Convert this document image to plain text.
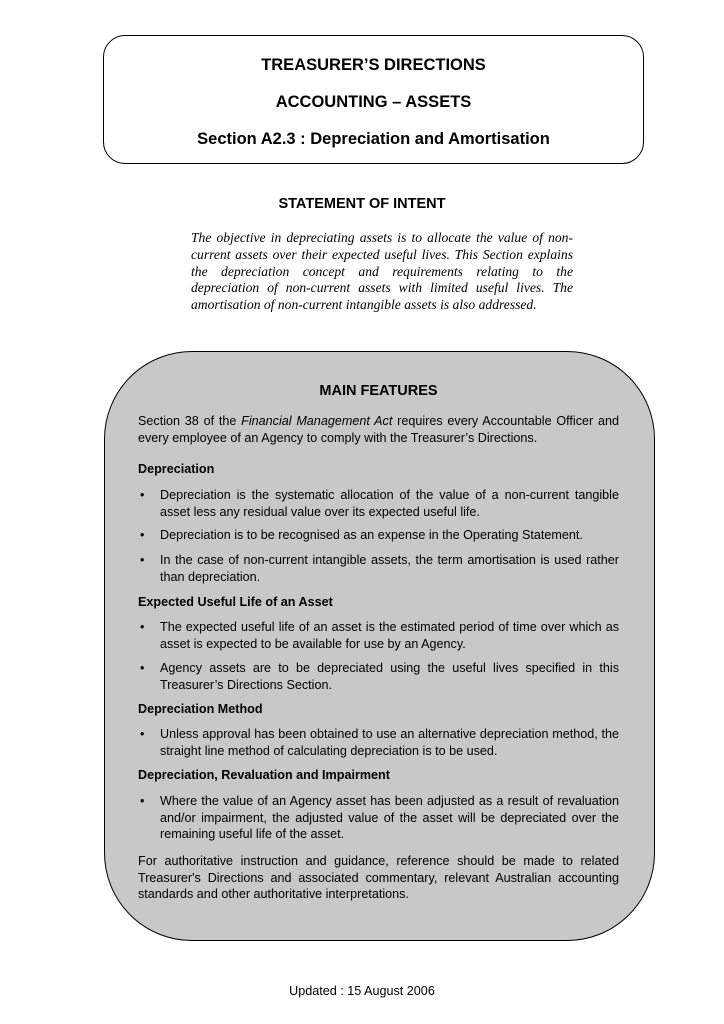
TREASURER’S DIRECTIONS
ACCOUNTING – ASSETS
Section A2.3 : Depreciation and Amortisation
STATEMENT OF INTENT
The objective in depreciating assets is to allocate the value of non-current assets over their expected useful lives. This Section explains the depreciation concept and requirements relating to the depreciation of non-current assets with limited useful lives. The amortisation of non-current intangible assets is also addressed.
MAIN FEATURES
Section 38 of the Financial Management Act requires every Accountable Officer and every employee of an Agency to comply with the Treasurer’s Directions.
Depreciation
• Depreciation is the systematic allocation of the value of a non-current tangible asset less any residual value over its expected useful life.
• Depreciation is to be recognised as an expense in the Operating Statement.
• In the case of non-current intangible assets, the term amortisation is used rather than depreciation.
Expected Useful Life of an Asset
• The expected useful life of an asset is the estimated period of time over which as asset is expected to be available for use by an Agency.
• Agency assets are to be depreciated using the useful lives specified in this Treasurer’s Directions Section.
Depreciation Method
• Unless approval has been obtained to use an alternative depreciation method, the straight line method of calculating depreciation is to be used.
Depreciation, Revaluation and Impairment
• Where the value of an Agency asset has been adjusted as a result of revaluation and/or impairment, the adjusted value of the asset will be depreciated over the remaining useful life of the asset.
For authoritative instruction and guidance, reference should be made to related Treasurer's Directions and associated commentary, relevant Australian accounting standards and other authoritative interpretations.
Updated : 15 August 2006
